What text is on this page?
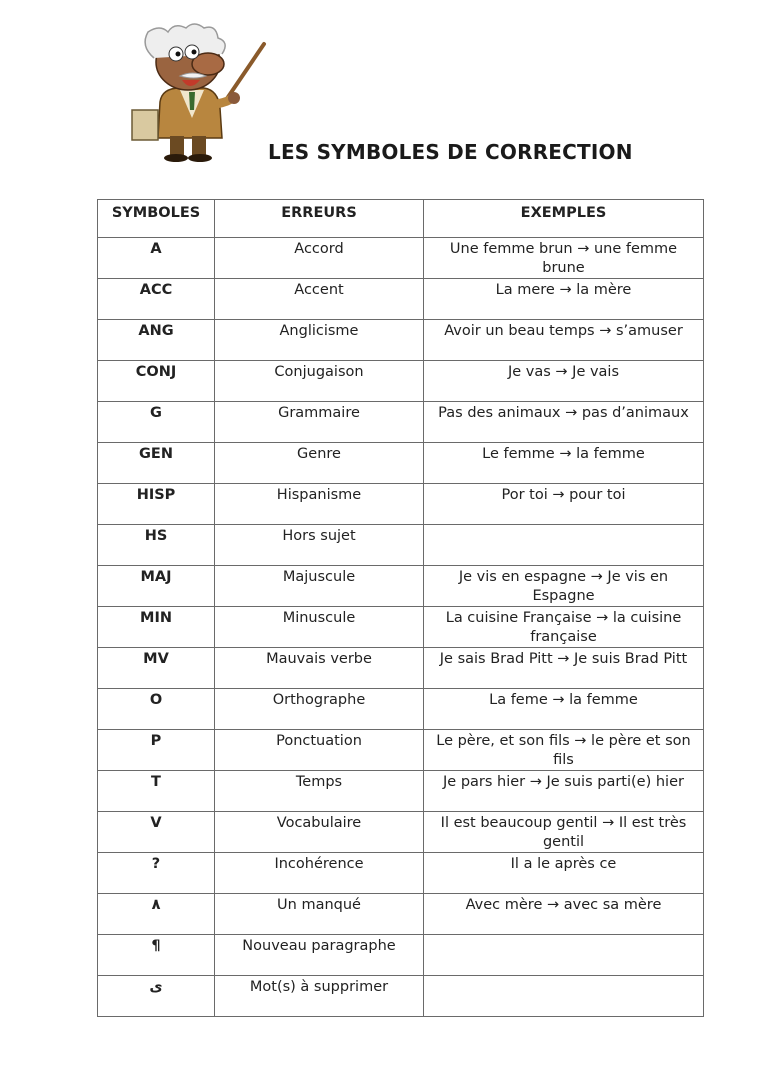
LES SYMBOLES DE CORRECTION
SYMBOLES	ERREURS	EXEMPLES
A	Accord	Une femme brun → une femme brune
ACC	Accent	La mere → la mère
ANG	Anglicisme	Avoir un beau temps → s’amuser
CONJ	Conjugaison	Je vas → Je vais
G	Grammaire	Pas des animaux → pas d’animaux
GEN	Genre	Le femme → la femme
HISP	Hispanisme	Por toi → pour toi
HS	Hors sujet	
MAJ	Majuscule	Je vis en espagne → Je vis en Espagne
MIN	Minuscule	La cuisine Française → la cuisine française
MV	Mauvais verbe	Je sais Brad Pitt → Je suis Brad Pitt
O	Orthographe	La feme → la femme
P	Ponctuation	Le père, et son fils → le père et son fils
T	Temps	Je pars hier → Je suis parti(e) hier
V	Vocabulaire	Il est beaucoup gentil → Il est très gentil
?	Incohérence	Il a le après ce
٨	Un manqué	Avec mère → avec sa mère
¶	Nouveau paragraphe	
ی	Mot(s) à supprimer	
